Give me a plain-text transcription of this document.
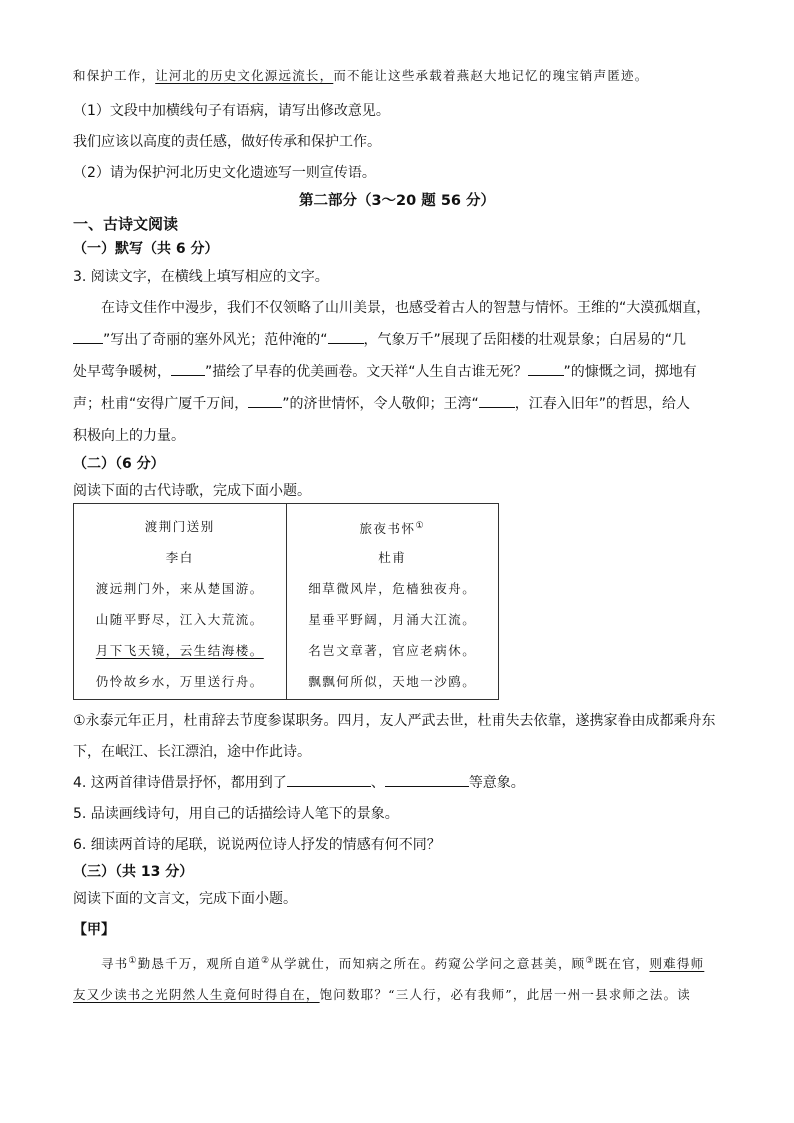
和保护工作，让河北的历史文化源远流长，而不能让这些承载着燕赵大地记忆的瑰宝销声匿迹。
（1）文段中加横线句子有语病，请写出修改意见。
我们应该以高度的责任感，做好传承和保护工作。
（2）请为保护河北历史文化遗迹写一则宣传语。
第二部分（3～20 题 56 分）
一、古诗文阅读
（一）默写（共 6 分）
3. 阅读文字，在横线上填写相应的文字。
在诗文佳作中漫步，我们不仅领略了山川美景，也感受着古人的智慧与情怀。王维的“大漠孤烟直，
”写出了奇丽的塞外风光；范仲淹的“	，气象万千”展现了岳阳楼的壮观景象；白居易的“几
处早莺争暖树， ”描绘了早春的优美画卷。文天祥“人生自古谁无死？	”的慷慨之词，掷地有
声；杜甫“安得广厦千万间， ”的济世情怀，令人敬仰；王湾“	，江春入旧年”的哲思，给人
积极向上的力量。
（二）（6 分）
阅读下面的古代诗歌，完成下面小题。
渡荆门送别
李白
渡远荆门外，来从楚国游。
山随平野尽，江入大荒流。
月下飞天镜，云生结海楼。
仍怜故乡水，万里送行舟。

旅夜书怀①
杜甫
细草微风岸，危樯独夜舟。
星垂平野阔，月涌大江流。
名岂文章著，官应老病休。
飘飘何所似，天地一沙鸥。
①永泰元年正月，杜甫辞去节度参谋职务。四月，友人严武去世，杜甫失去依靠，遂携家眷由成都乘舟东
下，在岷江、长江漂泊，途中作此诗。
4. 这两首律诗借景抒怀，都用到了	、	等意象。
5. 品读画线诗句，用自己的话描绘诗人笔下的景象。
6. 细读两首诗的尾联，说说两位诗人抒发的情感有何不同？
（三）（共 13 分）
阅读下面的文言文，完成下面小题。
【甲】
寻书①勤恳千万，观所自道②从学就仕，而知病之所在。药窥公学问之意甚美，顾③既在官，则难得师
友又少读书之光阴然人生竟何时得自在，饱问数耶？“三人行，必有我师”，此居一州一县求师之法。读
